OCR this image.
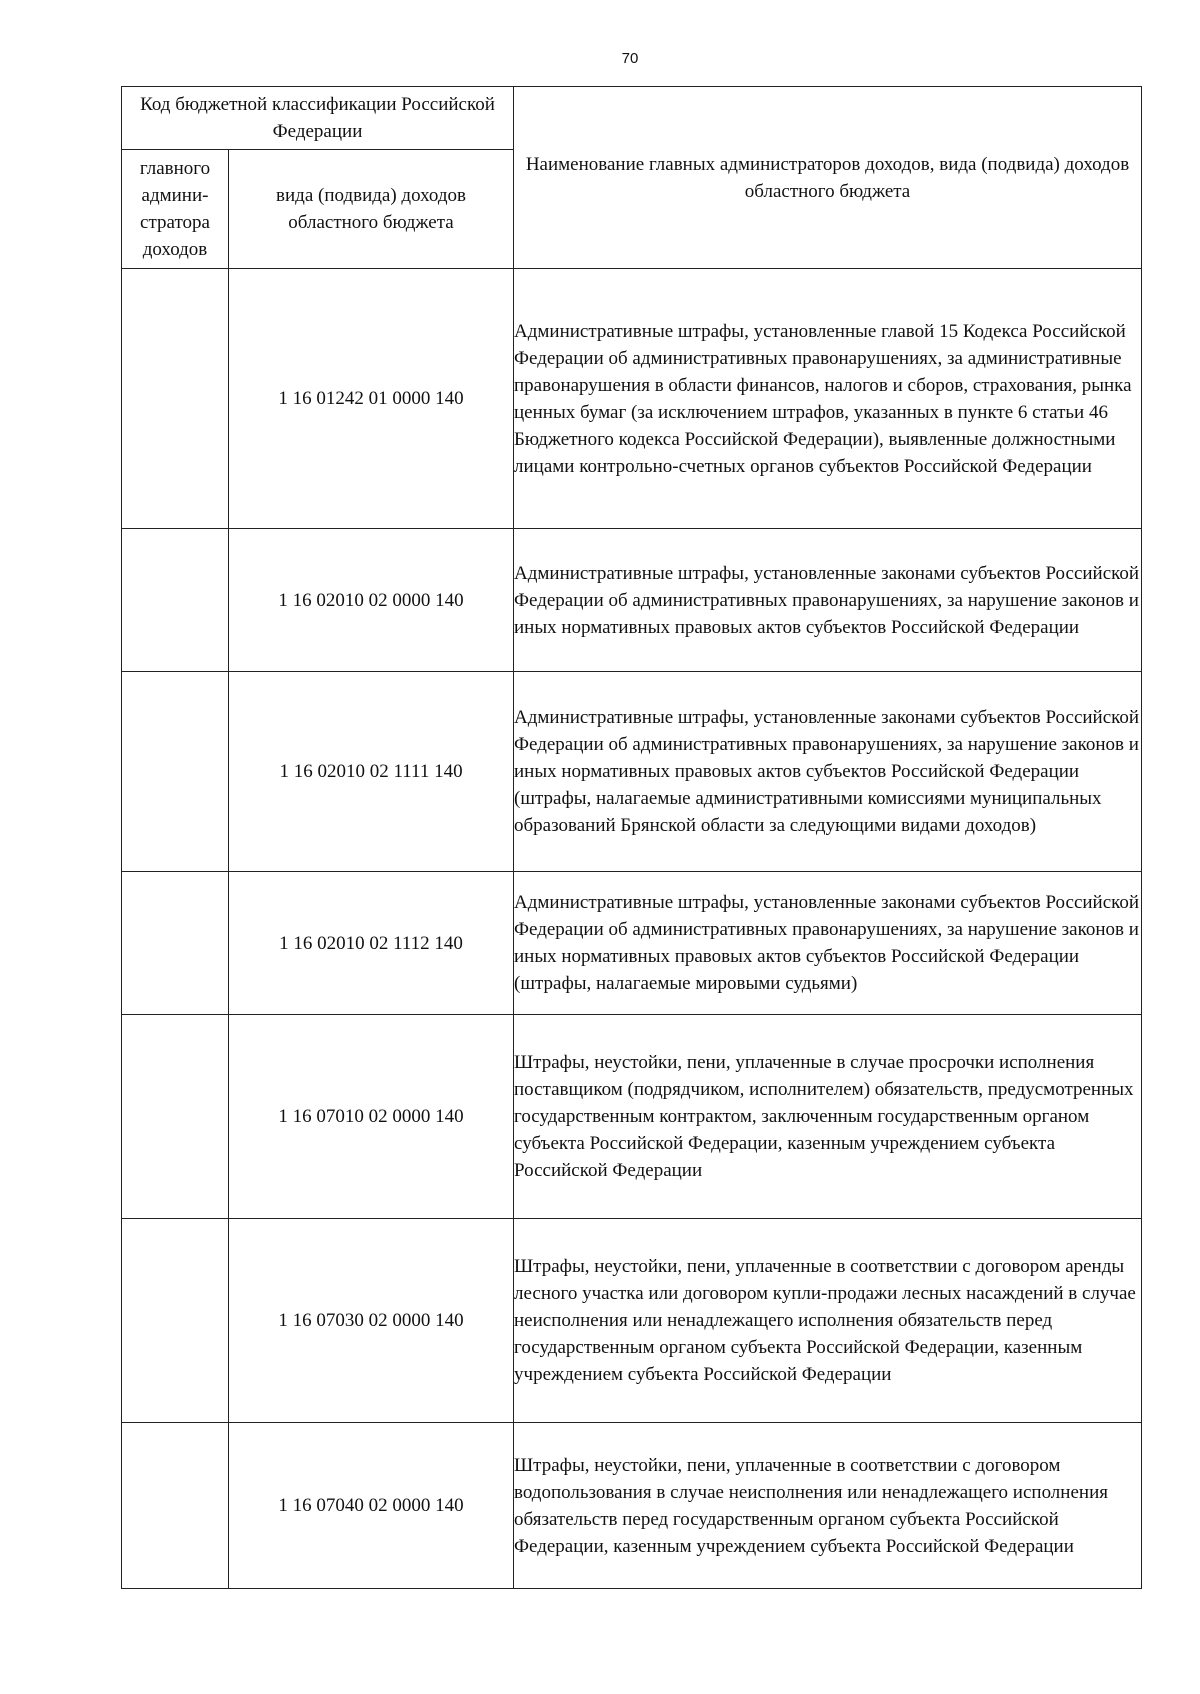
70
Код бюджетной классификации Российской Федерации		Наименование главных администраторов доходов, вида (подвида) доходов областного бюджета
главного админи-стратора доходов	вида (подвида) доходов областного бюджета	
	1 16 01242 01 0000 140	Административные штрафы, установленные главой 15 Кодекса Российской Федерации об административных правонарушениях, за административные правонарушения в области финансов, налогов и сборов, страхования, рынка ценных бумаг (за исключением штрафов, указанных в пункте 6 статьи 46 Бюджетного кодекса Российской Федерации), выявленные должностными лицами контрольно-счетных органов субъектов Российской Федерации
	1 16 02010 02 0000 140	Административные штрафы, установленные законами субъектов Российской Федерации об административных правонарушениях, за нарушение законов и иных нормативных правовых актов субъектов Российской Федерации
	1 16 02010 02 1111 140	Административные штрафы, установленные законами субъектов Российской Федерации об административных правонарушениях, за нарушение законов и иных нормативных правовых актов субъектов Российской Федерации (штрафы, налагаемые административными комиссиями муниципальных образований Брянской области за следующими видами доходов)
	1 16 02010 02 1112 140	Административные штрафы, установленные законами субъектов Российской Федерации об административных правонарушениях, за нарушение законов и иных нормативных правовых актов субъектов Российской Федерации (штрафы, налагаемые мировыми судьями)
	1 16 07010 02 0000 140	Штрафы, неустойки, пени, уплаченные в случае просрочки исполнения поставщиком (подрядчиком, исполнителем) обязательств, предусмотренных государственным контрактом, заключенным государственным органом субъекта Российской Федерации, казенным учреждением субъекта Российской Федерации
	1 16 07030 02 0000 140	Штрафы, неустойки, пени, уплаченные в соответствии с договором аренды лесного участка или договором купли-продажи лесных насаждений в случае неисполнения или ненадлежащего исполнения обязательств перед государственным органом субъекта Российской Федерации, казенным учреждением субъекта Российской Федерации
	1 16 07040 02 0000 140	Штрафы, неустойки, пени, уплаченные в соответствии с договором водопользования в случае неисполнения или ненадлежащего исполнения обязательств перед государственным органом субъекта Российской Федерации, казенным учреждением субъекта Российской Федерации
